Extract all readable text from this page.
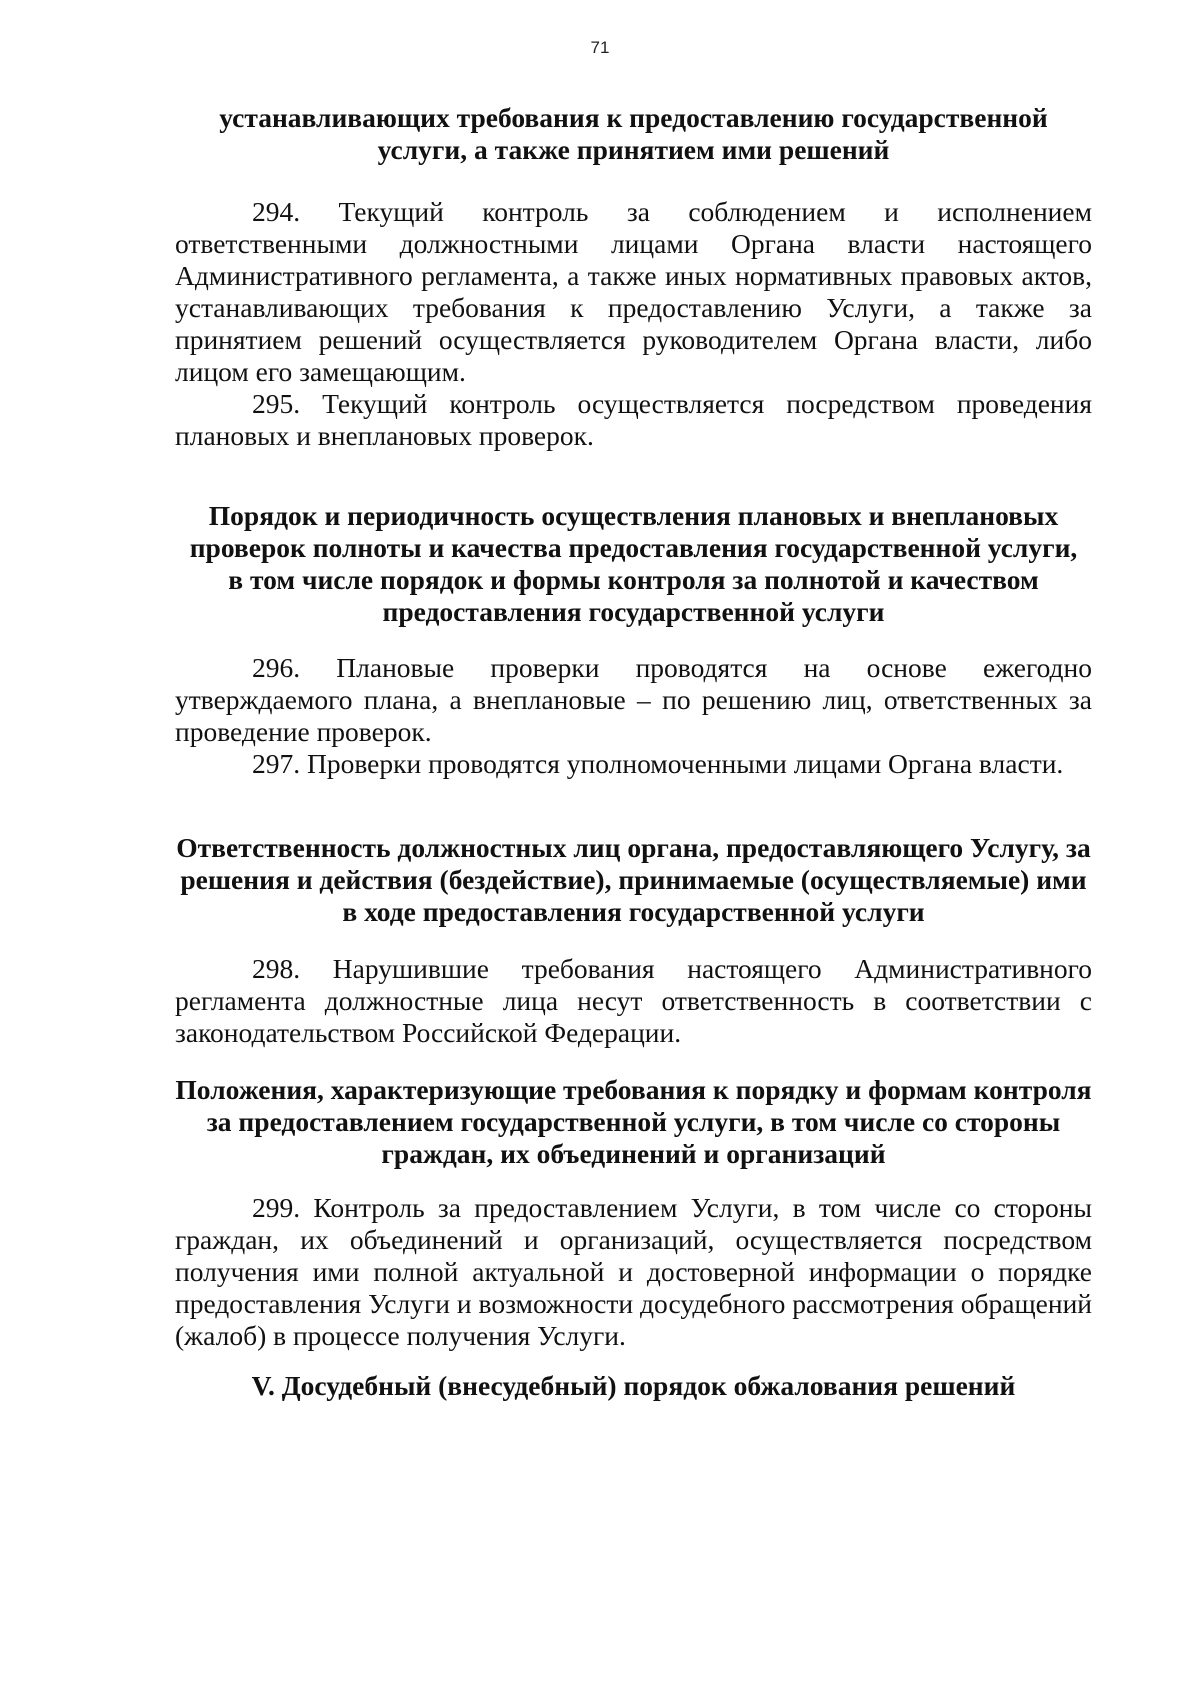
71
устанавливающих требования к предоставлению государственной услуги, а также принятием ими решений

294. Текущий контроль за соблюдением и исполнением ответственными должностными лицами Органа власти настоящего Административного регламента, а также иных нормативных правовых актов, устанавливающих требования к предоставлению Услуги, а также за принятием решений осуществляется руководителем Органа власти, либо лицом его замещающим.

295. Текущий контроль осуществляется посредством проведения плановых и внеплановых проверок.

Порядок и периодичность осуществления плановых и внеплановых проверок полноты и качества предоставления государственной услуги, в том числе порядок и формы контроля за полнотой и качеством предоставления государственной услуги

296. Плановые проверки проводятся на основе ежегодно утверждаемого плана, а внеплановые – по решению лиц, ответственных за проведение проверок.

297. Проверки проводятся уполномоченными лицами Органа власти.

Ответственность должностных лиц органа, предоставляющего Услугу, за решения и действия (бездействие), принимаемые (осуществляемые) ими в ходе предоставления государственной услуги

298. Нарушившие требования настоящего Административного регламента должностные лица несут ответственность в соответствии с законодательством Российской Федерации.

Положения, характеризующие требования к порядку и формам контроля за предоставлением государственной услуги, в том числе со стороны граждан, их объединений и организаций

299. Контроль за предоставлением Услуги, в том числе со стороны граждан, их объединений и организаций, осуществляется посредством получения ими полной актуальной и достоверной информации о порядке предоставления Услуги и возможности досудебного рассмотрения обращений (жалоб) в процессе получения Услуги.

V. Досудебный (внесудебный) порядок обжалования решений
